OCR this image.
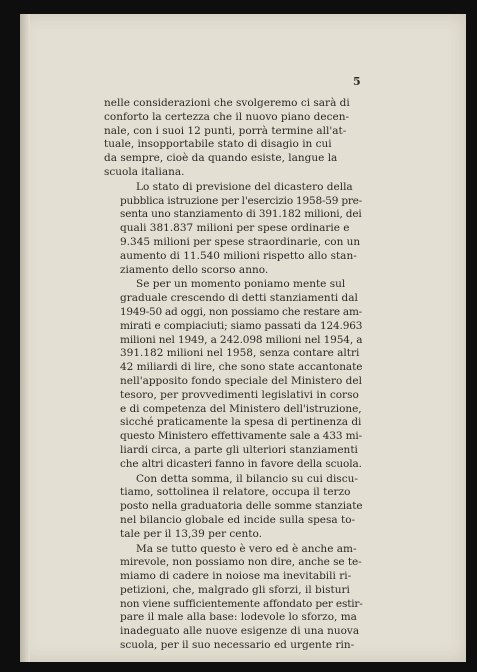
5
nelle considerazioni che svolgeremo ci sarà di
conforto la certezza che il nuovo piano decen-
nale, con i suoi 12 punti, porrà termine all'at-
tuale, insopportabile stato di disagio in cui
da sempre, cioè da quando esiste, langue la
scuola italiana.
Lo stato di previsione del dicastero della
pubblica istruzione per l'esercizio 1958-59 pre-
senta uno stanziamento di 391.182 milioni, dei
quali 381.837 milioni per spese ordinarie e
9.345 milioni per spese straordinarie, con un
aumento di 11.540 milioni rispetto allo stan-
ziamento dello scorso anno.
Se per un momento poniamo mente sul
graduale crescendo di detti stanziamenti dal
1949-50 ad oggi, non possiamo che restare am-
mirati e compiaciuti; siamo passati da 124.963
milioni nel 1949, a 242.098 milioni nel 1954, a
391.182 milioni nel 1958, senza contare altri
42 miliardi di lire, che sono state accantonate
nell'apposito fondo speciale del Ministero del
tesoro, per provvedimenti legislativi in corso
e di competenza del Ministero dell'istruzione,
sicché praticamente la spesa di pertinenza di
questo Ministero effettivamente sale a 433 mi-
liardi circa, a parte gli ulteriori stanziamenti
che altri dicasteri fanno in favore della scuola.
Con detta somma, il bilancio su cui discu-
tiamo, sottolinea il relatore, occupa il terzo
posto nella graduatoria delle somme stanziate
nel bilancio globale ed incide sulla spesa to-
tale per il 13,39 per cento.
Ma se tutto questo è vero ed è anche am-
mirevole, non possiamo non dire, anche se te-
miamo di cadere in noiose ma inevitabili ri-
petizioni, che, malgrado gli sforzi, il bisturi
non viene sufficientemente affondato per estir-
pare il male alla base: lodevole lo sforzo, ma
inadeguato alle nuove esigenze di una nuova
scuola, per il suo necessario ed urgente rin-
